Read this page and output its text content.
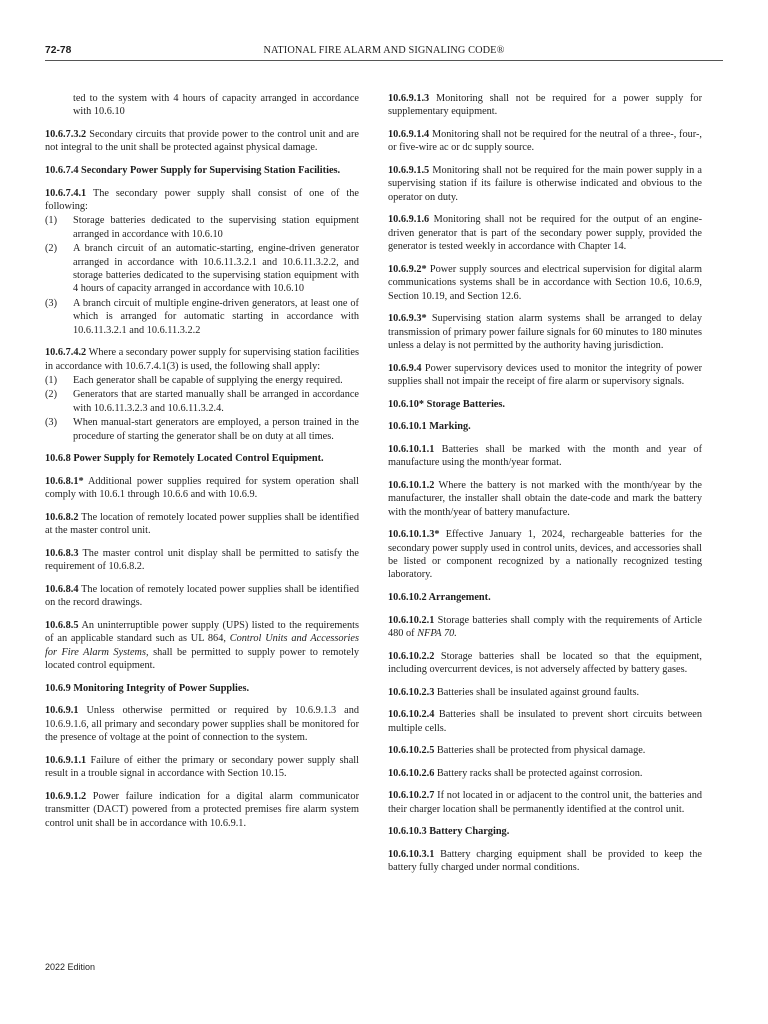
72-78	NATIONAL FIRE ALARM AND SIGNALING CODE®

ted to the system with 4 hours of capacity arranged in accordance with 10.6.10

10.6.7.3.2 Secondary circuits that provide power to the control unit and are not integral to the unit shall be protected against physical damage.

10.6.7.4 Secondary Power Supply for Supervising Station Facilities.

10.6.7.4.1 The secondary power supply shall consist of one of the following:

(1) Storage batteries dedicated to the supervising station equipment arranged in accordance with 10.6.10
(2) A branch circuit of an automatic-starting, engine-driven generator arranged in accordance with 10.6.11.3.2.1 and 10.6.11.3.2.2, and storage batteries dedicated to the supervising station equipment with 4 hours of capacity arranged in accordance with 10.6.10
(3) A branch circuit of multiple engine-driven generators, at least one of which is arranged for automatic starting in accordance with 10.6.11.3.2.1 and 10.6.11.3.2.2

10.6.7.4.2 Where a secondary power supply for supervising station facilities in accordance with 10.6.7.4.1(3) is used, the following shall apply:

(1) Each generator shall be capable of supplying the energy required.
(2) Generators that are started manually shall be arranged in accordance with 10.6.11.3.2.3 and 10.6.11.3.2.4.
(3) When manual-start generators are employed, a person trained in the procedure of starting the generator shall be on duty at all times.

10.6.8 Power Supply for Remotely Located Control Equipment.

10.6.8.1* Additional power supplies required for system operation shall comply with 10.6.1 through 10.6.6 and with 10.6.9.

10.6.8.2 The location of remotely located power supplies shall be identified at the master control unit.

10.6.8.3 The master control unit display shall be permitted to satisfy the requirement of 10.6.8.2.

10.6.8.4 The location of remotely located power supplies shall be identified on the record drawings.

10.6.8.5 An uninterruptible power supply (UPS) listed to the requirements of an applicable standard such as UL 864, Control Units and Accessories for Fire Alarm Systems, shall be permitted to supply power to remotely located control equipment.

10.6.9 Monitoring Integrity of Power Supplies.

10.6.9.1 Unless otherwise permitted or required by 10.6.9.1.3 and 10.6.9.1.6, all primary and secondary power supplies shall be monitored for the presence of voltage at the point of connection to the system.

10.6.9.1.1 Failure of either the primary or secondary power supply shall result in a trouble signal in accordance with Section 10.15.

10.6.9.1.2 Power failure indication for a digital alarm communicator transmitter (DACT) powered from a protected premises fire alarm system control unit shall be in accordance with 10.6.9.1.

10.6.9.1.3 Monitoring shall not be required for a power supply for supplementary equipment.

10.6.9.1.4 Monitoring shall not be required for the neutral of a three-, four-, or five-wire ac or dc supply source.

10.6.9.1.5 Monitoring shall not be required for the main power supply in a supervising station if its failure is otherwise indicated and obvious to the operator on duty.

10.6.9.1.6 Monitoring shall not be required for the output of an engine-driven generator that is part of the secondary power supply, provided the generator is tested weekly in accordance with Chapter 14.

10.6.9.2* Power supply sources and electrical supervision for digital alarm communications systems shall be in accordance with Section 10.6, 10.6.9, Section 10.19, and Section 12.6.

10.6.9.3* Supervising station alarm systems shall be arranged to delay transmission of primary power failure signals for 60 minutes to 180 minutes unless a delay is not permitted by the authority having jurisdiction.

10.6.9.4 Power supervisory devices used to monitor the integrity of power supplies shall not impair the receipt of fire alarm or supervisory signals.

10.6.10* Storage Batteries.

10.6.10.1 Marking.

10.6.10.1.1 Batteries shall be marked with the month and year of manufacture using the month/year format.

10.6.10.1.2 Where the battery is not marked with the month/year by the manufacturer, the installer shall obtain the date-code and mark the battery with the month/year of battery manufacture.

10.6.10.1.3* Effective January 1, 2024, rechargeable batteries for the secondary power supply used in control units, devices, and accessories shall be listed or component recognized by a nationally recognized testing laboratory.

10.6.10.2 Arrangement.

10.6.10.2.1 Storage batteries shall comply with the requirements of Article 480 of NFPA 70.

10.6.10.2.2 Storage batteries shall be located so that the equipment, including overcurrent devices, is not adversely affected by battery gases.

10.6.10.2.3 Batteries shall be insulated against ground faults.

10.6.10.2.4 Batteries shall be insulated to prevent short circuits between multiple cells.

10.6.10.2.5 Batteries shall be protected from physical damage.

10.6.10.2.6 Battery racks shall be protected against corrosion.

10.6.10.2.7 If not located in or adjacent to the control unit, the batteries and their charger location shall be permanently identified at the control unit.

10.6.10.3 Battery Charging.

10.6.10.3.1 Battery charging equipment shall be provided to keep the battery fully charged under normal conditions.

2022 Edition
